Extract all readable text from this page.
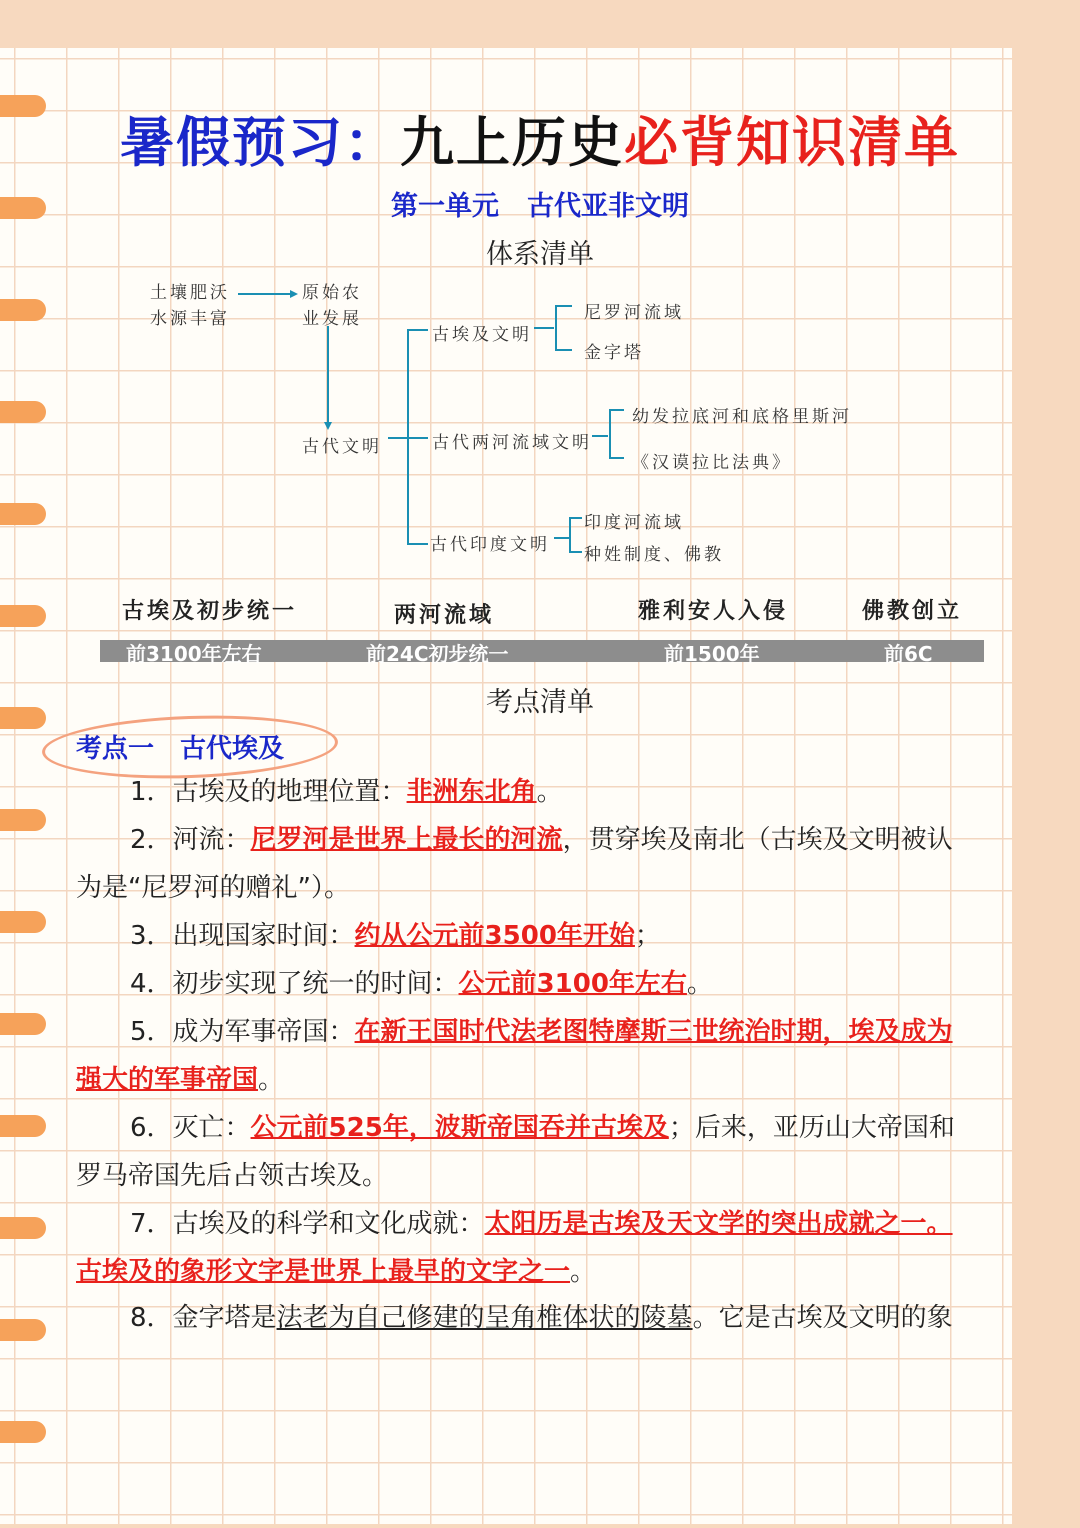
暑假预习：九上历史必背知识清单
第一单元 古代亚非文明
体系清单
土壤肥沃
水源丰富
原始农
业发展
古代文明
古埃及文明
尼罗河流域
金字塔
古代两河流域文明
幼发拉底河和底格里斯河
《汉谟拉比法典》
古代印度文明
印度河流域
种姓制度、佛教
古埃及初步统一	两河流域	雅利安人入侵	佛教创立
前3100年左右	前24C初步统一	前1500年	前6C
考点清单
考点一 古代埃及
1．古埃及的地理位置：非洲东北角。
2．河流：尼罗河是世界上最长的河流，贯穿埃及南北（古埃及文明被认
为是“尼罗河的赠礼”）。
3．出现国家时间：约从公元前3500年开始；
4．初步实现了统一的时间：公元前3100年左右。
5．成为军事帝国：在新王国时代法老图特摩斯三世统治时期，埃及成为
强大的军事帝国。
6．灭亡：公元前525年，波斯帝国吞并古埃及；后来，亚历山大帝国和
罗马帝国先后占领古埃及。
7．古埃及的科学和文化成就：太阳历是古埃及天文学的突出成就之一。
古埃及的象形文字是世界上最早的文字之一。
8．金字塔是法老为自己修建的呈角椎体状的陵墓。它是古埃及文明的象
